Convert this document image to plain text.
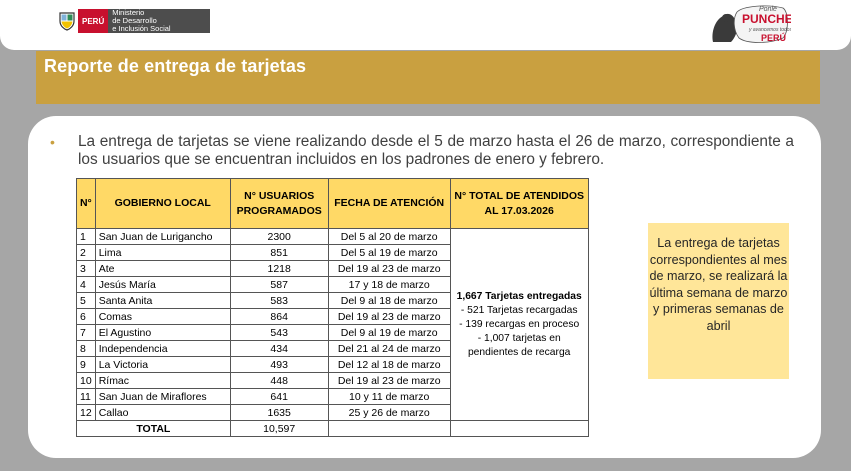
PERÚ
Ministerio
de Desarrollo
e Inclusión Social
Ponle
PUNCHE
y avancemos todos
PERÚ
Reporte de entrega de tarjetas
•	La entrega de tarjetas se viene realizando desde el 5 de marzo hasta el 26 de marzo, correspondiente a los usuarios que se encuentran incluidos en los padrones de enero y febrero.
N°	GOBIERNO LOCAL	N° USUARIOS PROGRAMADOS	FECHA DE ATENCIÓN	N° TOTAL DE ATENDIDOS AL 17.03.2026
1	San Juan de Lurigancho	2300	Del 5 al 20 de marzo	1,667 Tarjetas entregadas
- 521 Tarjetas recargadas
- 139 recargas en proceso
- 1,007 tarjetas en
pendientes de recarga

2	Lima	851	Del 5 al 19 de marzo	
3	Ate	1218	Del 19 al 23 de marzo	
4	Jesús María	587	17 y 18 de marzo	
5	Santa Anita	583	Del 9 al 18 de marzo	
6	Comas	864	Del 19 al 23 de marzo	
7	El Agustino	543	Del 9 al 19 de marzo	
8	Independencia	434	Del 21 al 24 de marzo	
9	La Victoria	493	Del 12 al 18 de marzo	
10	Rímac	448	Del 19 al 23 de marzo	
11	San Juan de Miraflores	641	10 y 11 de marzo	
12	Callao	1635	25 y 26 de marzo	
TOTAL		10,597		
La entrega de tarjetas correspondientes al mes de marzo, se realizará la última semana de marzo y primeras semanas de abril
